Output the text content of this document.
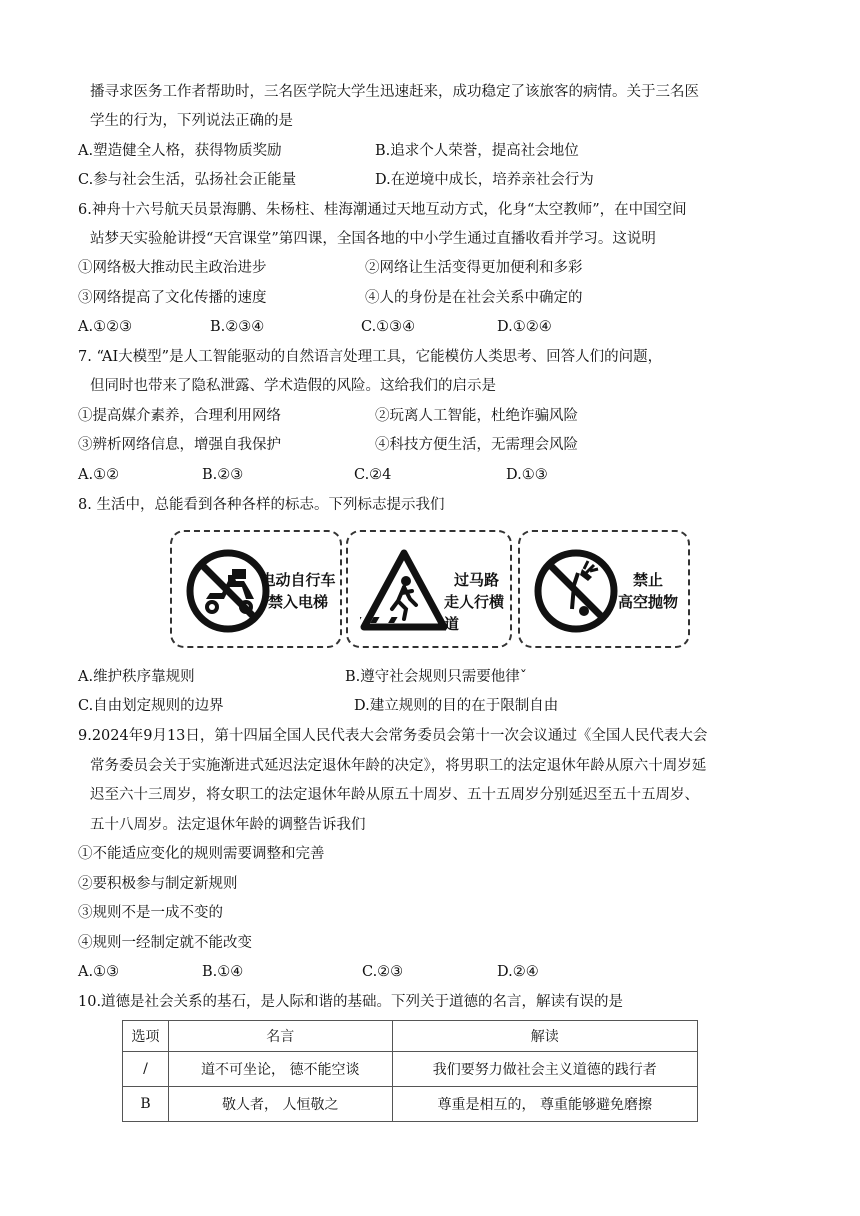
播寻求医务工作者帮助时，三名医学院大学生迅速赶来，成功稳定了该旅客的病情。关于三名医
学生的行为，下列说法正确的是
A.塑造健全人格，获得物质奖励	B.追求个人荣誉，提高社会地位
C.参与社会生活，弘扬社会正能量	D.在逆境中成长，培养亲社会行为
6.神舟十六号航天员景海鹏、朱杨柱、桂海潮通过天地互动方式，化身“太空教师”，在中国空间
站梦天实验舱讲授“天宫课堂”第四课，全国各地的中小学生通过直播收看并学习。这说明
①网络极大推动民主政治进步	②网络让生活变得更加便利和多彩
③网络提高了文化传播的速度	④人的身份是在社会关系中确定的
A.①②③	B.②③④	C.①③④	D.①②④
7. “AI大模型”是人工智能驱动的自然语言处理工具，它能模仿人类思考、回答人们的问题，
但同时也带来了隐私泄露、学术造假的风险。这给我们的启示是
①提高媒介素养，合理利用网络	②玩离人工智能，杜绝诈骗风险
③辨析网络信息，增强自我保护	④科技方便生活，无需理会风险
A.①②	B.②③	C.②4	D.①③
8. 生活中，总能看到各种各样的标志。下列标志提示我们
电动自行车
禁入电梯
过马路
走人行横道
禁止
高空抛物
A.维护秩序靠规则	B.遵守社会规则只需要他律ˇ
C.自由划定规则的边界	D.建立规则的目的在于限制自由
9.2024年9月13日，第十四届全国人民代表大会常务委员会第十一次会议通过《全国人民代表大会
常务委员会关于实施渐进式延迟法定退休年龄的决定》，将男职工的法定退休年龄从原六十周岁延
迟至六十三周岁，将女职工的法定退休年龄从原五十周岁、五十五周岁分别延迟至五十五周岁、
五十八周岁。法定退休年龄的调整告诉我们
①不能适应变化的规则需要调整和完善
②要积极参与制定新规则
③规则不是一成不变的
④规则一经制定就不能改变
A.①③	B.①④	C.②③	D.②④
10.道德是社会关系的基石，是人际和谐的基础。下列关于道德的名言，解读有误的是
选项	名言	解读
/	道不可坐论， 德不能空谈	我们要努力做社会主义道德的践行者
B	敬人者， 人恒敬之	尊重是相互的， 尊重能够避免磨擦
